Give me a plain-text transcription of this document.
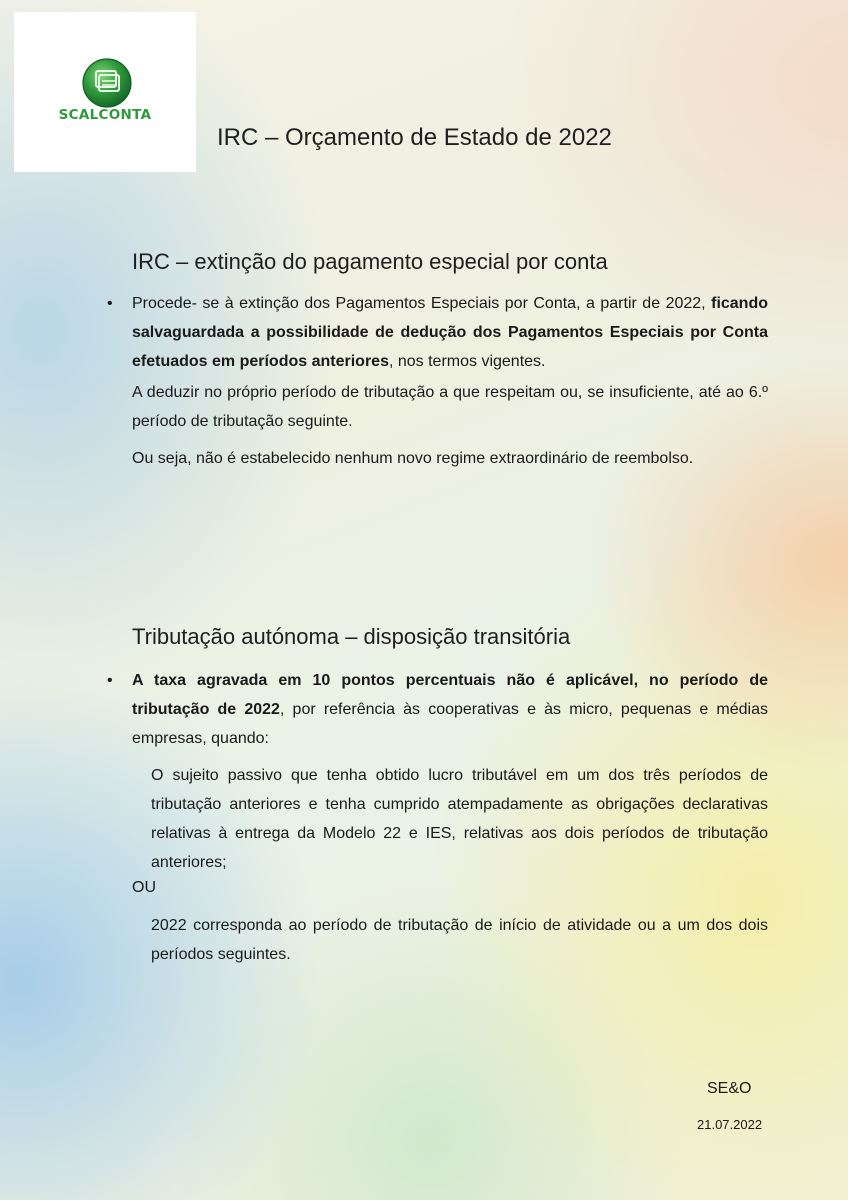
SCALCONTA
IRC – Orçamento de Estado de 2022
IRC – extinção do pagamento especial por conta
• Procede- se à extinção dos Pagamentos Especiais por Conta, a partir de 2022, ficando salvaguardada a possibilidade de dedução dos Pagamentos Especiais por Conta efetuados em períodos anteriores, nos termos vigentes.
A deduzir no próprio período de tributação a que respeitam ou, se insuficiente, até ao 6.º período de tributação seguinte.
Ou seja, não é estabelecido nenhum novo regime extraordinário de reembolso.
Tributação autónoma – disposição transitória
• A taxa agravada em 10 pontos percentuais não é aplicável, no período de tributação de 2022, por referência às cooperativas e às micro, pequenas e médias empresas, quando:
O sujeito passivo que tenha obtido lucro tributável em um dos três períodos de tributação anteriores e tenha cumprido atempadamente as obrigações declarativas relativas à entrega da Modelo 22 e IES, relativas aos dois períodos de tributação anteriores;
OU
2022 corresponda ao período de tributação de início de atividade ou a um dos dois períodos seguintes.
SE&O
21.07.2022
